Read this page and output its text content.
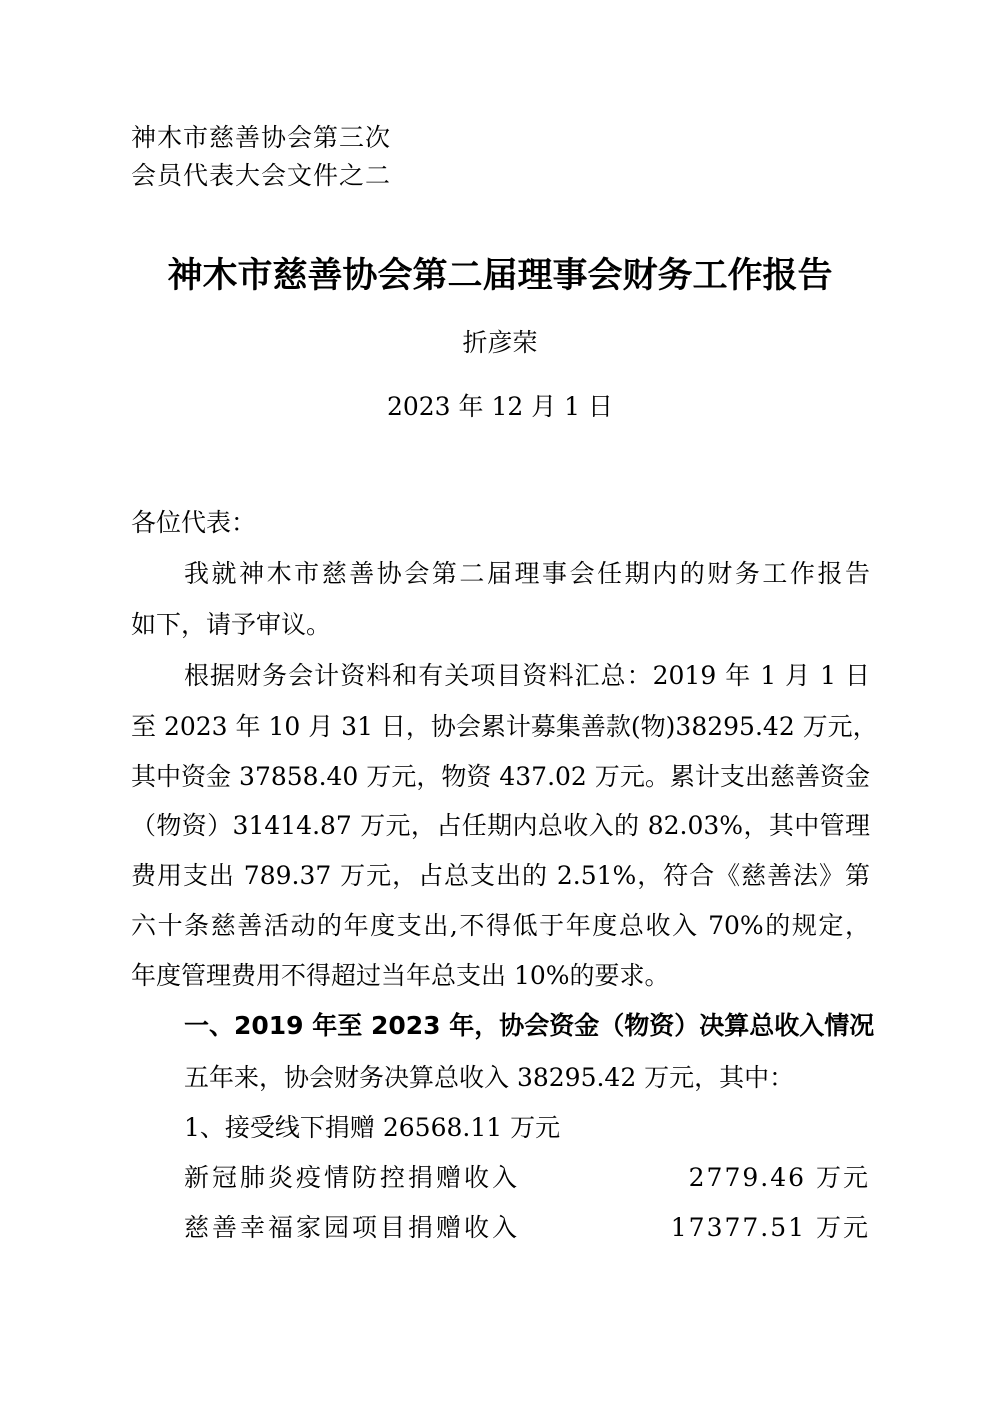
神木市慈善协会第三次
会员代表大会文件之二
神木市慈善协会第二届理事会财务工作报告
折彦荣
2023 年 12 月 1 日
各位代表：
我就神木市慈善协会第二届理事会任期内的财务工作报告
如下，请予审议。
根据财务会计资料和有关项目资料汇总：2019 年 1 月 1 日
至 2023 年 10 月 31 日，协会累计募集善款(物)38295.42 万元，
其中资金 37858.40 万元，物资 437.02 万元。累计支出慈善资金
（物资）31414.87 万元，占任期内总收入的 82.03%，其中管理
费用支出 789.37 万元，占总支出的 2.51%，符合《慈善法》第
六十条慈善活动的年度支出,不得低于年度总收入 70%的规定，
年度管理费用不得超过当年总支出 10%的要求。
一、2019 年至 2023 年，协会资金（物资）决算总收入情况
五年来，协会财务决算总收入 38295.42 万元，其中：
1、接受线下捐赠 26568.11 万元
新冠肺炎疫情防控捐赠收入	2779.46 万元
慈善幸福家园项目捐赠收入	17377.51 万元
